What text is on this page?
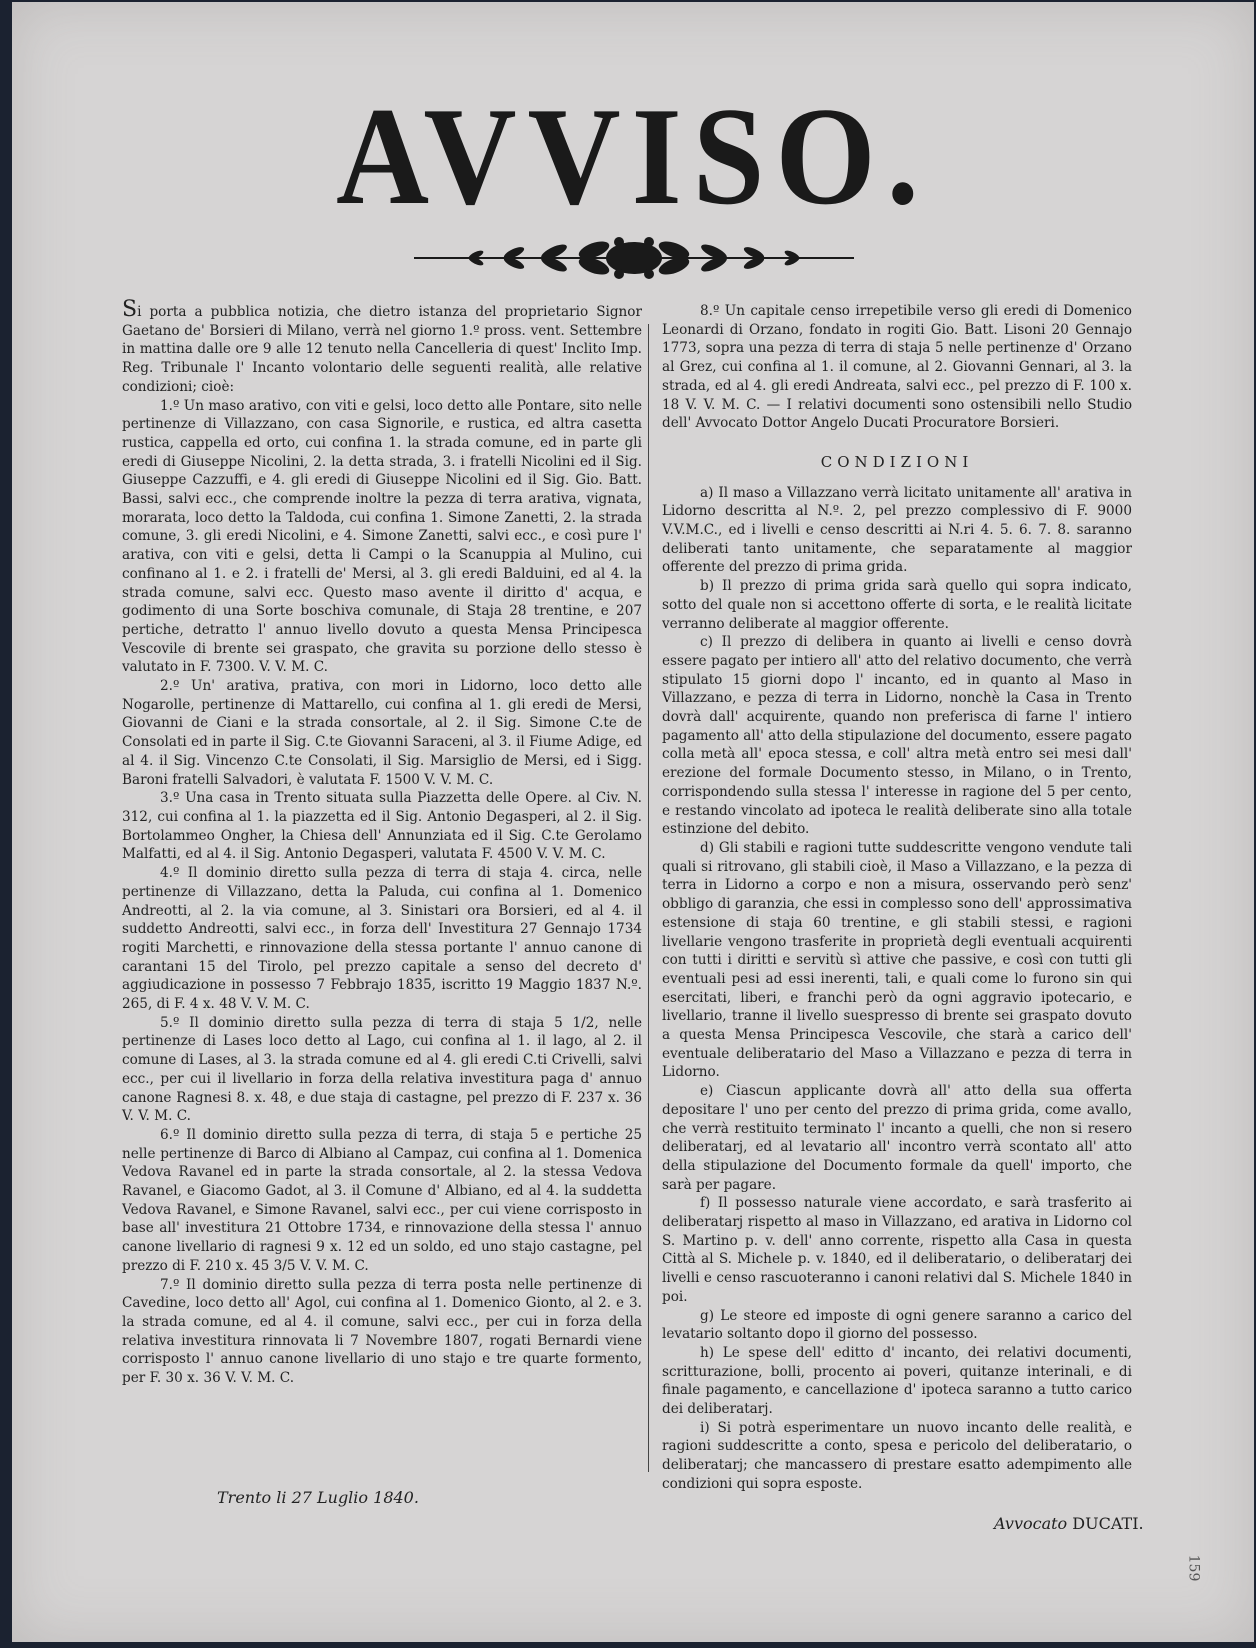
AVVISO.

Si porta a pubblica notizia, che dietro istanza del proprietario Signor Gaetano de' Borsieri di Milano, verrà nel giorno 1.º pross. vent. Settembre in mattina dalle ore 9 alle 12 tenuto nella Cancelleria di quest' Inclito Imp. Reg. Tribunale l' Incanto volontario delle seguenti realità, alle relative condizioni; cioè:

1.º Un maso arativo, con viti e gelsi, loco detto alle Pontare, sito nelle pertinenze di Villazzano, con casa Signorile, e rustica, ed altra casetta rustica, cappella ed orto, cui confina 1. la strada comune, ed in parte gli eredi di Giuseppe Nicolini, 2. la detta strada, 3. i fratelli Nicolini ed il Sig. Giuseppe Cazzuffi, e 4. gli eredi di Giuseppe Nicolini ed il Sig. Gio. Batt. Bassi, salvi ecc., che comprende inoltre la pezza di terra arativa, vignata, morarata, loco detto la Taldoda, cui confina 1. Simone Zanetti, 2. la strada comune, 3. gli eredi Nicolini, e 4. Simone Zanetti, salvi ecc., e così pure l' arativa, con viti e gelsi, detta li Campi o la Scanuppia al Mulino, cui confinano al 1. e 2. i fratelli de' Mersi, al 3. gli eredi Balduini, ed al 4. la strada comune, salvi ecc. Questo maso avente il diritto d' acqua, e godimento di una Sorte boschiva comunale, di Staja 28 trentine, e 207 pertiche, detratto l' annuo livello dovuto a questa Mensa Principesca Vescovile di brente sei graspato, che gravita su porzione dello stesso è valutato in F. 7300. V. V. M. C.

2.º Un' arativa, prativa, con mori in Lidorno, loco detto alle Nogarolle, pertinenze di Mattarello, cui confina al 1. gli eredi de Mersi, Giovanni de Ciani e la strada consortale, al 2. il Sig. Simone C.te de Consolati ed in parte il Sig. C.te Giovanni Saraceni, al 3. il Fiume Adige, ed al 4. il Sig. Vincenzo C.te Consolati, il Sig. Marsiglio de Mersi, ed i Sigg. Baroni fratelli Salvadori, è valutata F. 1500 V. V. M. C.

3.º Una casa in Trento situata sulla Piazzetta delle Opere. al Civ. N. 312, cui confina al 1. la piazzetta ed il Sig. Antonio Degasperi, al 2. il Sig. Bortolammeo Ongher, la Chiesa dell' Annunziata ed il Sig. C.te Gerolamo Malfatti, ed al 4. il Sig. Antonio Degasperi, valutata F. 4500 V. V. M. C.

4.º Il dominio diretto sulla pezza di terra di staja 4. circa, nelle pertinenze di Villazzano, detta la Paluda, cui confina al 1. Domenico Andreotti, al 2. la via comune, al 3. Sinistari ora Borsieri, ed al 4. il suddetto Andreotti, salvi ecc., in forza dell' Investitura 27 Gennajo 1734 rogiti Marchetti, e rinnovazione della stessa portante l' annuo canone di carantani 15 del Tirolo, pel prezzo capitale a senso del decreto d' aggiudicazione in possesso 7 Febbrajo 1835, iscritto 19 Maggio 1837 N.º. 265, di F. 4 x. 48 V. V. M. C.

5.º Il dominio diretto sulla pezza di terra di staja 5 1/2, nelle pertinenze di Lases loco detto al Lago, cui confina al 1. il lago, al 2. il comune di Lases, al 3. la strada comune ed al 4. gli eredi C.ti Crivelli, salvi ecc., per cui il livellario in forza della relativa investitura paga d' annuo canone Ragnesi 8. x. 48, e due staja di castagne, pel prezzo di F. 237 x. 36 V. V. M. C.

6.º Il dominio diretto sulla pezza di terra, di staja 5 e pertiche 25 nelle pertinenze di Barco di Albiano al Campaz, cui confina al 1. Domenica Vedova Ravanel ed in parte la strada consortale, al 2. la stessa Vedova Ravanel, e Giacomo Gadot, al 3. il Comune d' Albiano, ed al 4. la suddetta Vedova Ravanel, e Simone Ravanel, salvi ecc., per cui viene corrisposto in base all' investitura 21 Ottobre 1734, e rinnovazione della stessa l' annuo canone livellario di ragnesi 9 x. 12 ed un soldo, ed uno stajo castagne, pel prezzo di F. 210 x. 45 3/5 V. V. M. C.

7.º Il dominio diretto sulla pezza di terra posta nelle pertinenze di Cavedine, loco detto all' Agol, cui confina al 1. Domenico Gionto, al 2. e 3. la strada comune, ed al 4. il comune, salvi ecc., per cui in forza della relativa investitura rinnovata li 7 Novembre 1807, rogati Bernardi viene corrisposto l' annuo canone livellario di uno stajo e tre quarte formento, per F. 30 x. 36 V. V. M. C.

8.º Un capitale censo irrepetibile verso gli eredi di Domenico Leonardi di Orzano, fondato in rogiti Gio. Batt. Lisoni 20 Gennajo 1773, sopra una pezza di terra di staja 5 nelle pertinenze d' Orzano al Grez, cui confina al 1. il comune, al 2. Giovanni Gennari, al 3. la strada, ed al 4. gli eredi Andreata, salvi ecc., pel prezzo di F. 100 x. 18 V. V. M. C. — I relativi documenti sono ostensibili nello Studio dell' Avvocato Dottor Angelo Ducati Procuratore Borsieri.

CONDIZIONI

a) Il maso a Villazzano verrà licitato unitamente all' arativa in Lidorno descritta al N.º. 2, pel prezzo complessivo di F. 9000 V.V.M.C., ed i livelli e censo descritti ai N.ri 4. 5. 6. 7. 8. saranno deliberati tanto unitamente, che separatamente al maggior offerente del prezzo di prima grida.

b) Il prezzo di prima grida sarà quello qui sopra indicato, sotto del quale non si accettono offerte di sorta, e le realità licitate verranno deliberate al maggior offerente.

c) Il prezzo di delibera in quanto ai livelli e censo dovrà essere pagato per intiero all' atto del relativo documento, che verrà stipulato 15 giorni dopo l' incanto, ed in quanto al Maso in Villazzano, e pezza di terra in Lidorno, nonchè la Casa in Trento dovrà dall' acquirente, quando non preferisca di farne l' intiero pagamento all' atto della stipulazione del documento, essere pagato colla metà all' epoca stessa, e coll' altra metà entro sei mesi dall' erezione del formale Documento stesso, in Milano, o in Trento, corrispondendo sulla stessa l' interesse in ragione del 5 per cento, e restando vincolato ad ipoteca le realità deliberate sino alla totale estinzione del debito.

d) Gli stabili e ragioni tutte suddescritte vengono vendute tali quali si ritrovano, gli stabili cioè, il Maso a Villazzano, e la pezza di terra in Lidorno a corpo e non a misura, osservando però senz' obbligo di garanzia, che essi in complesso sono dell' approssimativa estensione di staja 60 trentine, e gli stabili stessi, e ragioni livellarie vengono trasferite in proprietà degli eventuali acquirenti con tutti i diritti e servitù sì attive che passive, e così con tutti gli eventuali pesi ad essi inerenti, tali, e quali come lo furono sin qui esercitati, liberi, e franchi però da ogni aggravio ipotecario, e livellario, tranne il livello suespresso di brente sei graspato dovuto a questa Mensa Principesca Vescovile, che starà a carico dell' eventuale deliberatario del Maso a Villazzano e pezza di terra in Lidorno.

e) Ciascun applicante dovrà all' atto della sua offerta depositare l' uno per cento del prezzo di prima grida, come avallo, che verrà restituito terminato l' incanto a quelli, che non si resero deliberatarj, ed al levatario all' incontro verrà scontato all' atto della stipulazione del Documento formale da quell' importo, che sarà per pagare.

f) Il possesso naturale viene accordato, e sarà trasferito ai deliberatarj rispetto al maso in Villazzano, ed arativa in Lidorno col S. Martino p. v. dell' anno corrente, rispetto alla Casa in questa Città al S. Michele p. v. 1840, ed il deliberatario, o deliberatarj dei livelli e censo rascuoteranno i canoni relativi dal S. Michele 1840 in poi.

g) Le steore ed imposte di ogni genere saranno a carico del levatario soltanto dopo il giorno del possesso.

h) Le spese dell' editto d' incanto, dei relativi documenti, scritturazione, bolli, procento ai poveri, quitanze interinali, e di finale pagamento, e cancellazione d' ipoteca saranno a tutto carico dei deliberatarj.

i) Si potrà esperimentare un nuovo incanto delle realità, e ragioni suddescritte a conto, spesa e pericolo del deliberatario, o deliberatarj; che mancassero di prestare esatto adempimento alle condizioni qui sopra esposte.

Trento li 27 Luglio 1840.
Avvocato DUCATI.
159
